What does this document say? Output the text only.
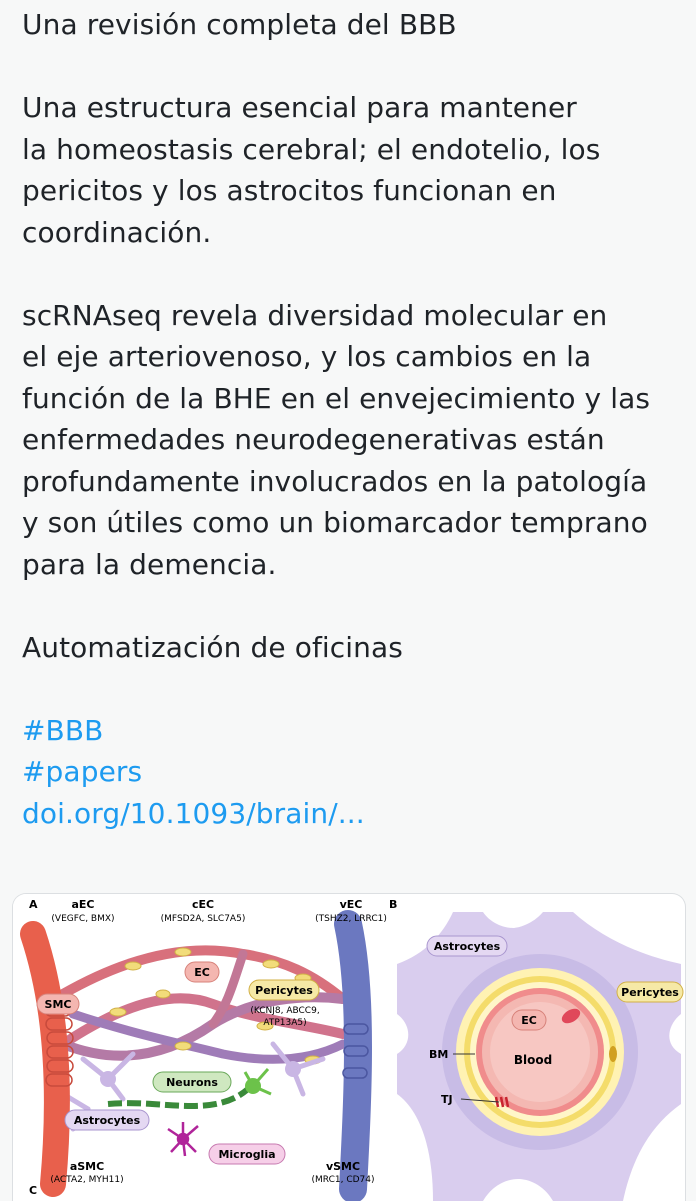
Una revisión completa del BBB

Una estructura esencial para mantener

la homeostasis cerebral; el endotelio, los

pericitos y los astrocitos funcionan en

coordinación.

scRNAseq revela diversidad molecular en

el eje arteriovenoso, y los cambios en la

función de la BHE en el envejecimiento y las

enfermedades neurodegenerativas están

profundamente involucrados en la patología

y son útiles como un biomarcador temprano

para la demencia.

Automatización de oficinas

#BBB

#papers

doi.org/10.1093/brain/...

A	aEC
(VEGFC, BMX)
cEC
(MFSD2A, SLC7A5)
vEC
(TSHZ2, LRRC1)
EC
SMC
Pericytes
(KCNJ8, ABCC9,
ATP13A5)
Neurons
Astrocytes
Microglia
aSMC
(ACTA2, MYH11)
vSMC
(MRC1, CD74)
C
B
Astrocytes
Pericytes
EC
Blood
BM
TJ
